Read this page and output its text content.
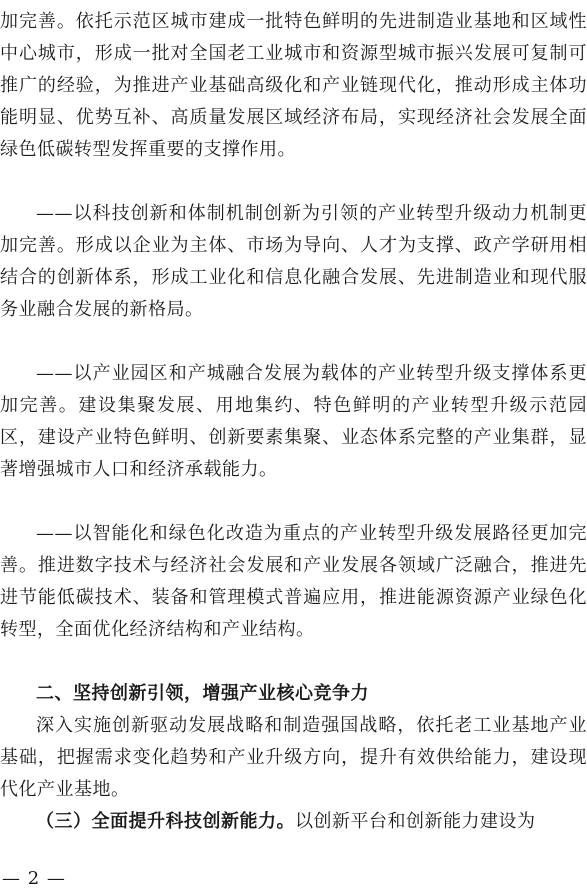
加完善。依托示范区城市建成一批特色鲜明的先进制造业基地和区域性中心城市，形成一批对全国老工业城市和资源型城市振兴发展可复制可推广的经验，为推进产业基础高级化和产业链现代化，推动形成主体功能明显、优势互补、高质量发展区域经济布局，实现经济社会发展全面绿色低碳转型发挥重要的支撑作用。

——以科技创新和体制机制创新为引领的产业转型升级动力机制更加完善。形成以企业为主体、市场为导向、人才为支撑、政产学研用相结合的创新体系，形成工业化和信息化融合发展、先进制造业和现代服务业融合发展的新格局。

——以产业园区和产城融合发展为载体的产业转型升级支撑体系更加完善。建设集聚发展、用地集约、特色鲜明的产业转型升级示范园区，建设产业特色鲜明、创新要素集聚、业态体系完整的产业集群，显著增强城市人口和经济承载能力。

——以智能化和绿色化改造为重点的产业转型升级发展路径更加完善。推进数字技术与经济社会发展和产业发展各领域广泛融合，推进先进节能低碳技术、装备和管理模式普遍应用，推进能源资源产业绿色化转型，全面优化经济结构和产业结构。

二、坚持创新引领，增强产业核心竞争力

深入实施创新驱动发展战略和制造强国战略，依托老工业基地产业基础，把握需求变化趋势和产业升级方向，提升有效供给能力，建设现代化产业基地。

（三）全面提升科技创新能力。以创新平台和创新能力建设为

— 2 —
